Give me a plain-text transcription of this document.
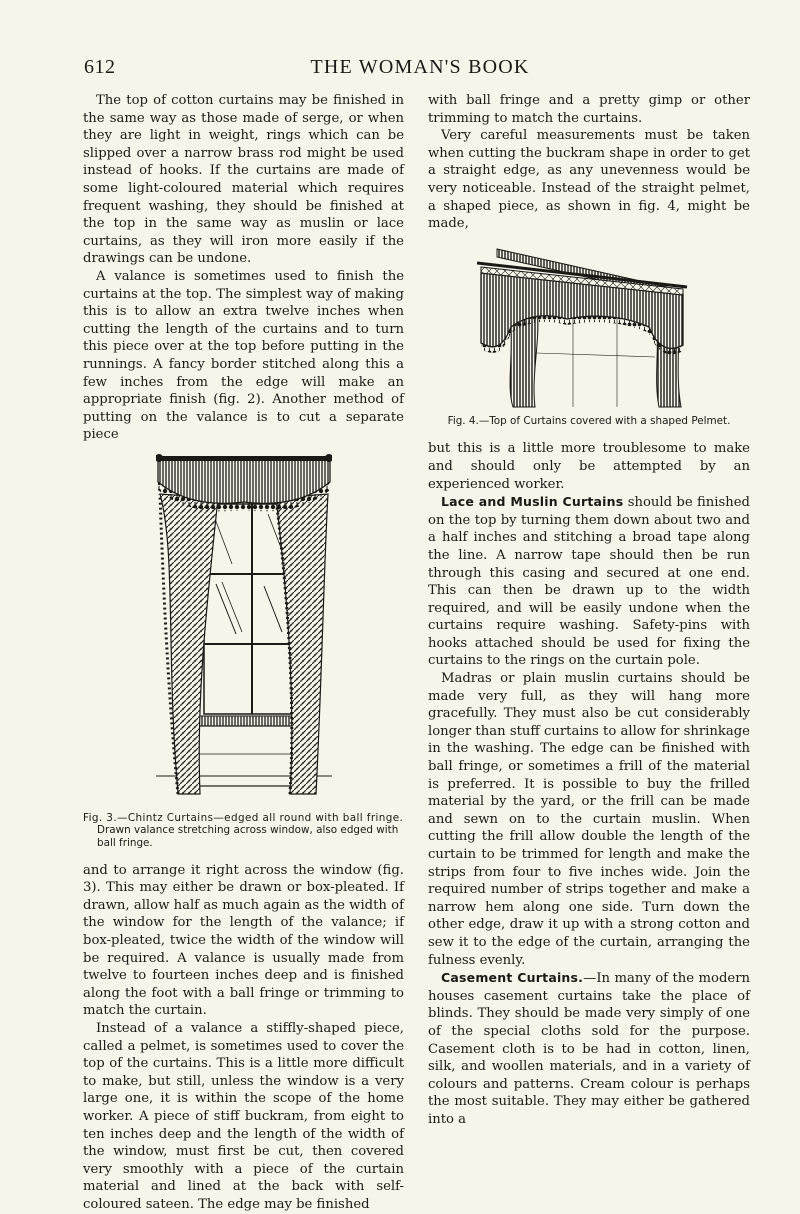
612	THE WOMAN'S BOOK

The top of cotton curtains may be finished in the same way as those made of serge, or when they are light in weight, rings which can be slipped over a narrow brass rod might be used instead of hooks. If the curtains are made of some light-coloured material which requires frequent washing, they should be finished at the top in the same way as muslin or lace curtains, as they will iron more easily if the drawings can be undone.

A valance is sometimes used to finish the curtains at the top. The simplest way of making this is to allow an extra twelve inches when cutting the length of the curtains and to turn this piece over at the top before putting in the runnings. A fancy border stitched along this a few inches from the edge will make an appropriate finish (fig. 2). Another method of putting on the valance is to cut a separate piece

Fig. 3.—Chintz Curtains—edged all round with ball fringe.
Drawn valance stretching across window, also edged with ball fringe.

and to arrange it right across the window (fig. 3). This may either be drawn or box-pleated. If drawn, allow half as much again as the width of the window for the length of the valance; if box-pleated, twice the width of the window will be required. A valance is usually made from twelve to fourteen inches deep and is finished along the foot with a ball fringe or trimming to match the curtain.

Instead of a valance a stiffly-shaped piece, called a pelmet, is sometimes used to cover the top of the curtains. This is a little more difficult to make, but still, unless the window is a very large one, it is within the scope of the home worker. A piece of stiff buckram, from eight to ten inches deep and the length of the width of the window, must first be cut, then covered very smoothly with a piece of the curtain material and lined at the back with self-coloured sateen. The edge may be finished

with ball fringe and a pretty gimp or other trimming to match the curtains.

Very careful measurements must be taken when cutting the buckram shape in order to get a straight edge, as any unevenness would be very noticeable. Instead of the straight pelmet, a shaped piece, as shown in fig. 4, might be made,

Fig. 4.—Top of Curtains covered with a shaped Pelmet.

but this is a little more troublesome to make and should only be attempted by an experienced worker.

Lace and Muslin Curtains should be finished on the top by turning them down about two and a half inches and stitching a broad tape along the line. A narrow tape should then be run through this casing and secured at one end. This can then be drawn up to the width required, and will be easily undone when the curtains require washing. Safety-pins with hooks attached should be used for fixing the curtains to the rings on the curtain pole.

Madras or plain muslin curtains should be made very full, as they will hang more gracefully. They must also be cut considerably longer than stuff curtains to allow for shrinkage in the washing. The edge can be finished with ball fringe, or sometimes a frill of the material is preferred. It is possible to buy the frilled material by the yard, or the frill can be made and sewn on to the curtain muslin. When cutting the frill allow double the length of the curtain to be trimmed for length and make the strips from four to five inches wide. Join the required number of strips together and make a narrow hem along one side. Turn down the other edge, draw it up with a strong cotton and sew it to the edge of the curtain, arranging the fulness evenly.

Casement Curtains.—In many of the modern houses casement curtains take the place of blinds. They should be made very simply of one of the special cloths sold for the purpose. Casement cloth is to be had in cotton, linen, silk, and woollen materials, and in a variety of colours and patterns. Cream colour is perhaps the most suitable. They may either be gathered into a
